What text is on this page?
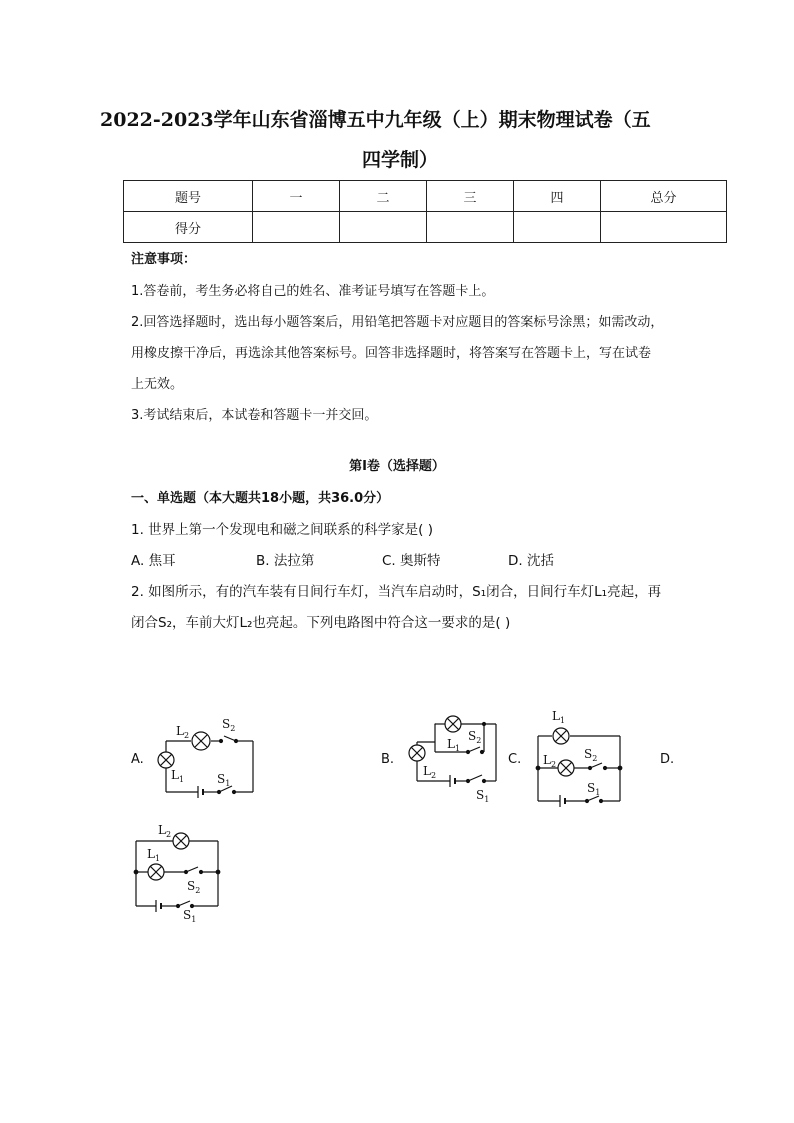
2022-2023学年山东省淄博五中九年级（上）期末物理试卷（五
四学制）
题号	一	二	三	四	总分
得分					
注意事项：
1.答卷前，考生务必将自己的姓名、准考证号填写在答题卡上。
2.回答选择题时，选出每小题答案后，用铅笔把答题卡对应题目的答案标号涂黑；如需改动，
用橡皮擦干净后，再选涂其他答案标号。回答非选择题时，将答案写在答题卡上，写在试卷
上无效。
3.考试结束后，本试卷和答题卡一并交回。
第Ⅰ卷（选择题）
一、单选题（本大题共18小题，共36.0分）
1. 世界上第一个发现电和磁之间联系的科学家是( )
A. 焦耳	B. 法拉第	C. 奥斯特	D. 沈括
2. 如图所示，有的汽车装有日间行车灯，当汽车启动时，S₁闭合，日间行车灯L₁亮起，再
闭合S₂，车前大灯L₂也亮起。下列电路图中符合这一要求的是( )
A.	B.	C.	D.
$L_2$
$S_2$
$L_1$	$S_1$
$L_1$
$S_2$
$L_2$
$S_1$
$L_1$
$L_2$
$S_2$
$S_1$
$L_2$
$L_1$
$S_2$
$S_1$
